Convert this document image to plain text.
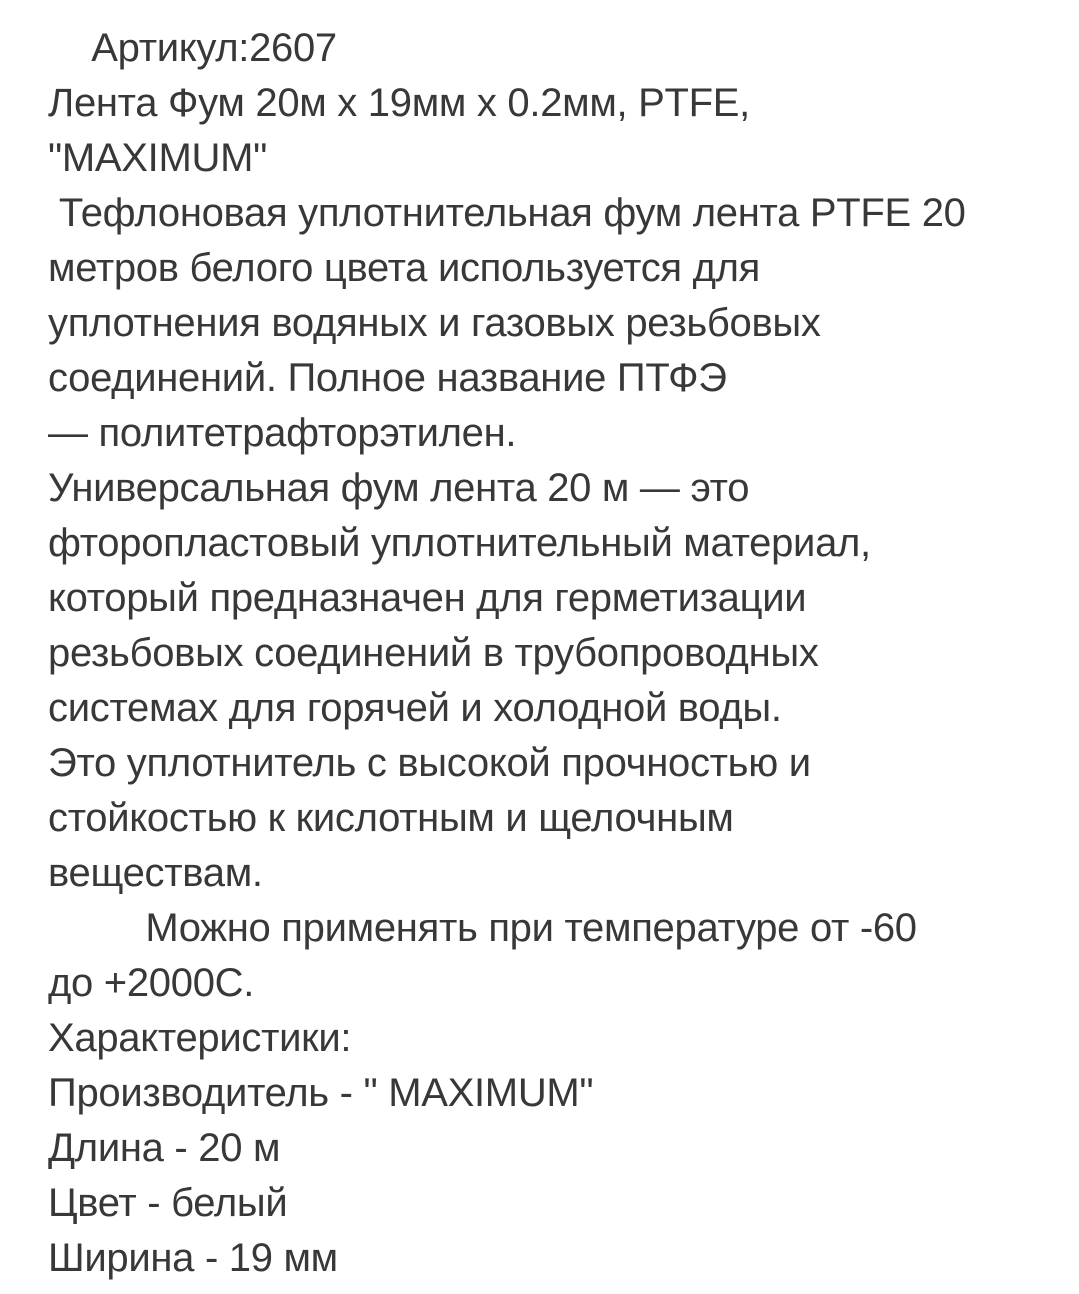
Артикул:2607
Лента Фум 20м х 19мм х 0.2мм, PTFE,
"MAXIMUM"
Тефлоновая уплотнительная фум лента PTFE 20
метров белого цвета используется для
уплотнения водяных и газовых резьбовых
соединений. Полное название ПТФЭ
— политетрафторэтилен.
Универсальная фум лента 20 м — это
фторопластовый уплотнительный материал,
который предназначен для герметизации
резьбовых соединений в трубопроводных
системах для горячей и холодной воды.
Это уплотнитель с высокой прочностью и
стойкостью к кислотным и щелочным
веществам.
Можно применять при температуре от -60
до +2000С.
Характеристики:
Производитель - " MAXIMUM"
Длина - 20 м
Цвет - белый
Ширина - 19 мм
